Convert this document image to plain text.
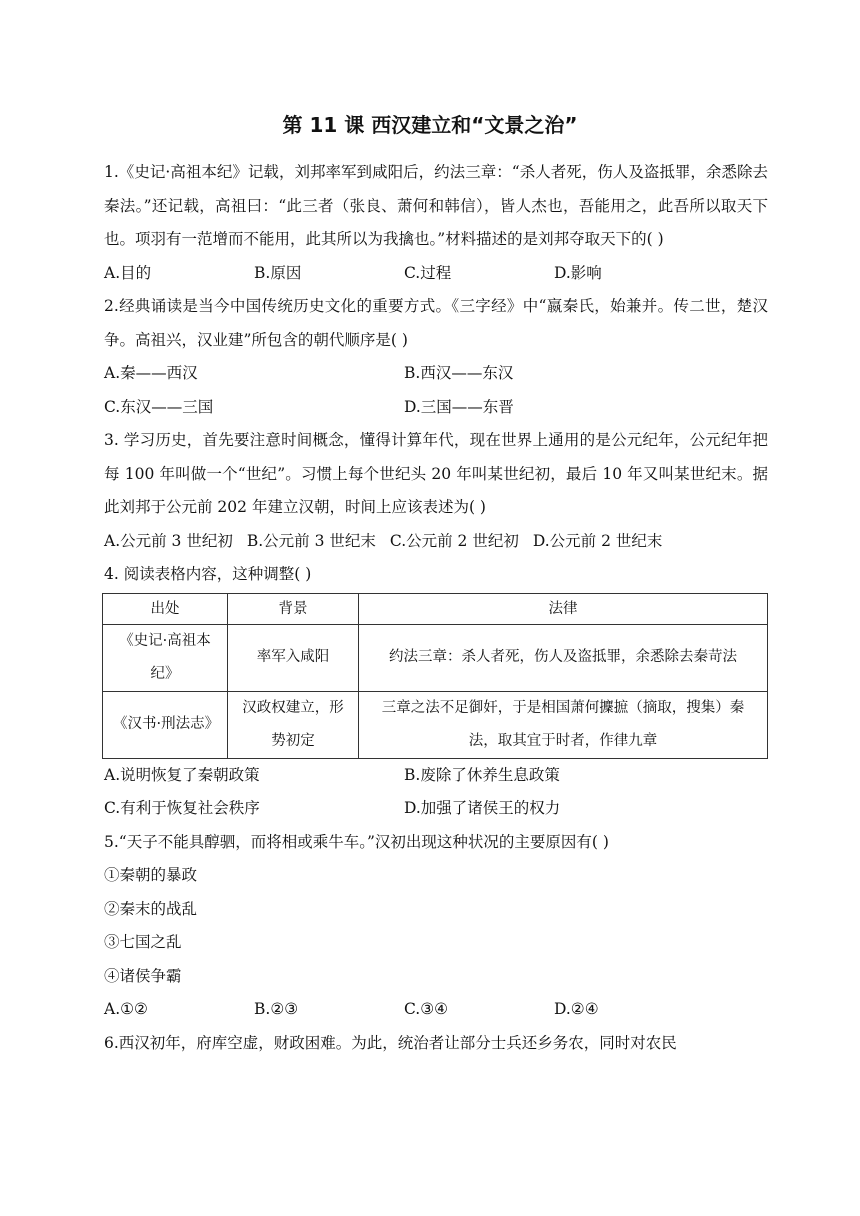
第 11 课 西汉建立和“文景之治”

1.《史记·高祖本纪》记载，刘邦率军到咸阳后，约法三章：“杀人者死，伤人及盗抵罪，余悉除去秦法。”还记载，高祖曰：“此三者（张良、萧何和韩信），皆人杰也，吾能用之，此吾所以取天下也。项羽有一范增而不能用，此其所以为我擒也。”材料描述的是刘邦夺取天下的( )

A.目的	B.原因	C.过程	D.影响

2.经典诵读是当今中国传统历史文化的重要方式。《三字经》中“嬴秦氏，始兼并。传二世，楚汉争。高祖兴，汉业建”所包含的朝代顺序是( )

A.秦——西汉	B.西汉——东汉
C.东汉——三国	D.三国——东晋

3. 学习历史，首先要注意时间概念，懂得计算年代，现在世界上通用的是公元纪年，公元纪年把每 100 年叫做一个“世纪”。习惯上每个世纪头 20 年叫某世纪初，最后 10 年又叫某世纪末。据此刘邦于公元前 202 年建立汉朝，时间上应该表述为( )

A.公元前 3 世纪初 B.公元前 3 世纪末 C.公元前 2 世纪初 D.公元前 2 世纪末

4. 阅读表格内容，这种调整( )

出处	背景	法律
《史记·高祖本纪》	率军入咸阳	约法三章：杀人者死，伤人及盗抵罪，余悉除去秦苛法
《汉书·刑法志》	汉政权建立，形势初定	三章之法不足御奸，于是相国萧何攈摭（摘取，搜集）秦法，取其宜于时者，作律九章
A.说明恢复了秦朝政策	B.废除了休养生息政策
C.有利于恢复社会秩序	D.加强了诸侯王的权力

5.“天子不能具醇驷，而将相或乘牛车。”汉初出现这种状况的主要原因有( )

①秦朝的暴政

②秦末的战乱

③七国之乱

④诸侯争霸

A.①②	B.②③	C.③④	D.②④

6.西汉初年，府库空虚，财政困难。为此，统治者让部分士兵还乡务农，同时对农民
